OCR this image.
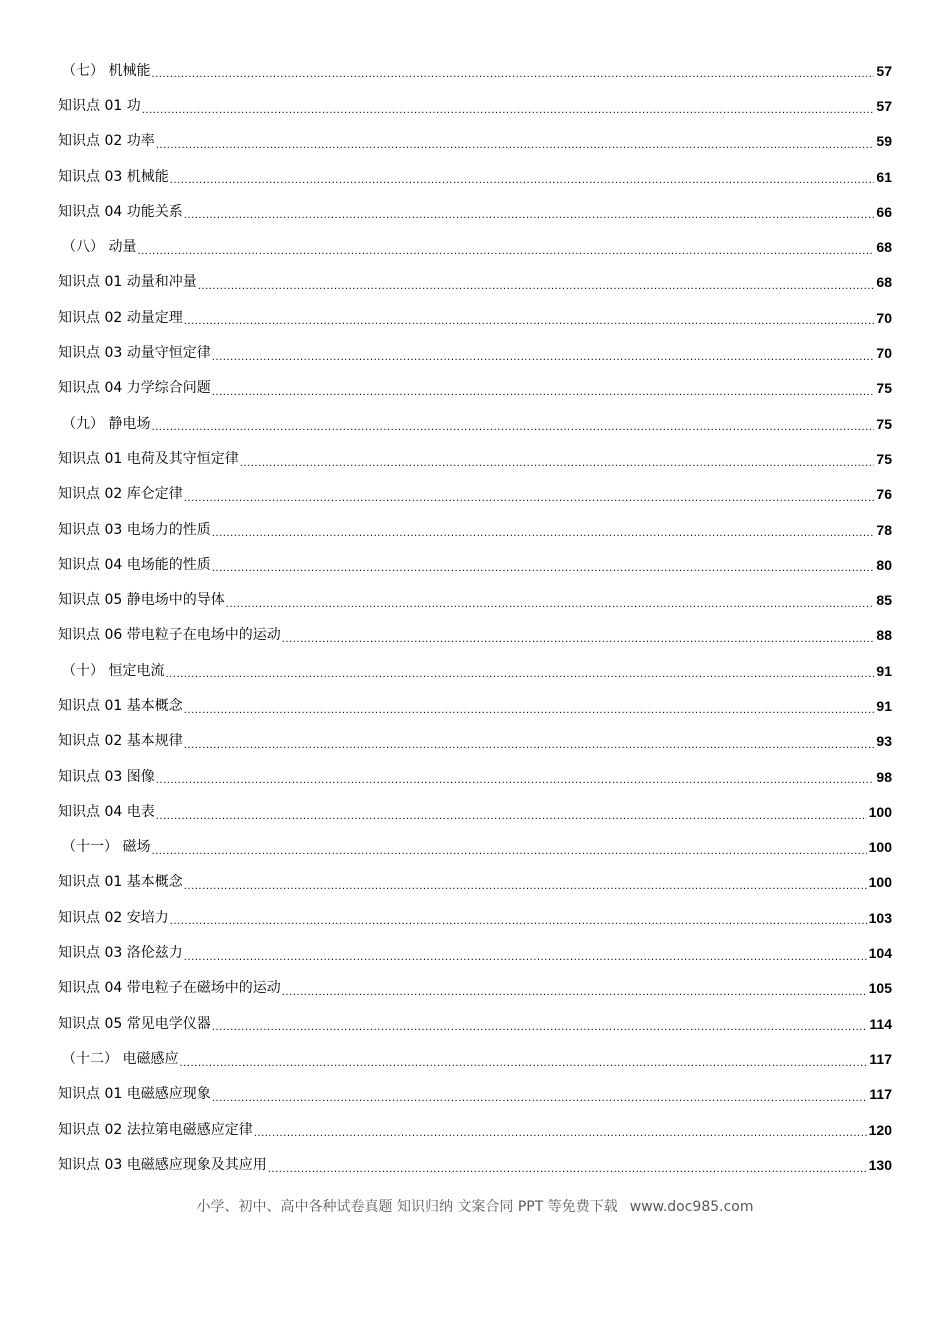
（七） 机械能 .....	57
知识点 01 功 .....	57
知识点 02 功率 .....	59
知识点 03 机械能 .....	61
知识点 04 功能关系 .....	66
（八） 动量 .....	68
知识点 01 动量和冲量 .....	68
知识点 02 动量定理 .....	70
知识点 03 动量守恒定律 .....	70
知识点 04 力学综合问题 .....	75
（九） 静电场 .....	75
知识点 01 电荷及其守恒定律 .....	75
知识点 02 库仑定律 .....	76
知识点 03 电场力的性质 .....	78
知识点 04 电场能的性质 .....	80
知识点 05 静电场中的导体 .....	85
知识点 06 带电粒子在电场中的运动 .....	88
（十） 恒定电流 .....	91
知识点 01 基本概念 .....	91
知识点 02 基本规律 .....	93
知识点 03 图像 .....	98
知识点 04 电表 .....	100
（十一） 磁场 .....	100
知识点 01 基本概念 .....	100
知识点 02 安培力 .....	103
知识点 03 洛伦兹力 .....	104
知识点 04 带电粒子在磁场中的运动 .....	105
知识点 05 常见电学仪器 .....	114
（十二） 电磁感应 .....	117
知识点 01 电磁感应现象 .....	117
知识点 02 法拉第电磁感应定律 .....	120
知识点 03 电磁感应现象及其应用 .....	130
小学、初中、高中各种试卷真题 知识归纳 文案合同 PPT 等免费下载 www.doc985.com
